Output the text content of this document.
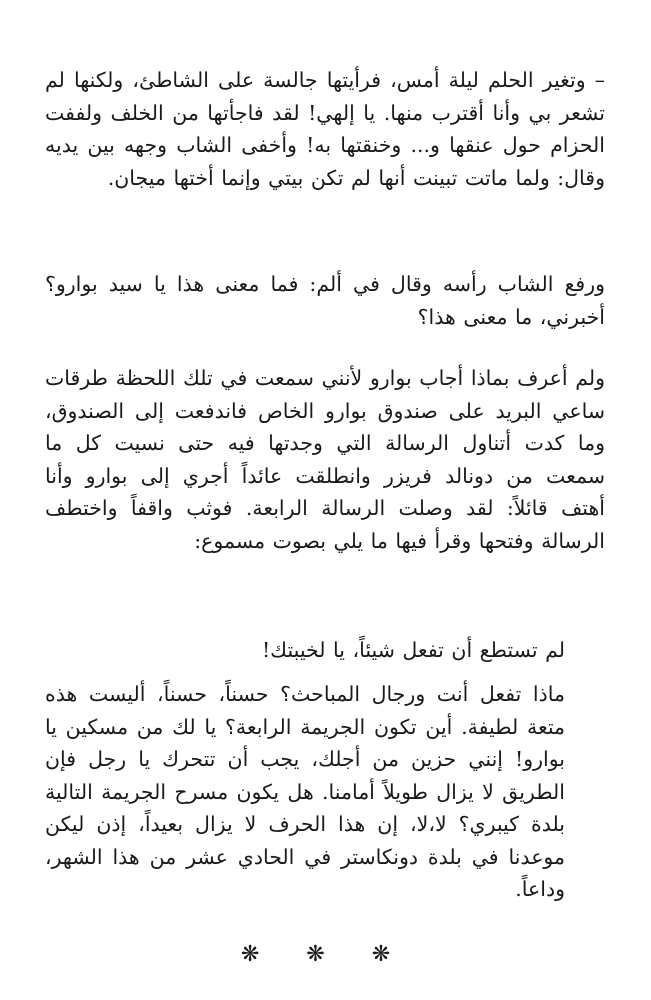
– وتغير الحلم ليلة أمس، فرأيتها جالسة على الشاطئ، ولكنها لم تشعر بي وأنا أقترب منها. يا إلهي! لقد فاجأتها من الخلف ولففت الحزام حول عنقها و... وخنقتها به! وأخفى الشاب وجهه بين يديه وقال: ولما ماتت تبينت أنها لم تكن بيتي وإنما أختها ميجان.

ورفع الشاب رأسه وقال في ألم: فما معنى هذا يا سيد بوارو؟ أخبرني، ما معنى هذا؟

ولم أعرف بماذا أجاب بوارو لأنني سمعت في تلك اللحظة طرقات ساعي البريد على صندوق بوارو الخاص فاندفعت إلى الصندوق، وما كدت أتناول الرسالة التي وجدتها فيه حتى نسيت كل ما سمعت من دونالد فريزر وانطلقت عائداً أجري إلى بوارو وأنا أهتف قائلاً: لقد وصلت الرسالة الرابعة. فوثب واقفاً واختطف الرسالة وفتحها وقرأ فيها ما يلي بصوت مسموع:

لم تستطع أن تفعل شيئاً، يا لخيبتك!

ماذا تفعل أنت ورجال المباحث؟ حسناً، حسناً، أليست هذه متعة لطيفة. أين تكون الجريمة الرابعة؟ يا لك من مسكين يا بوارو! إنني حزين من أجلك، يجب أن تتحرك يا رجل فإن الطريق لا يزال طويلاً أمامنا. هل يكون مسرح الجريمة التالية بلدة كيبري؟ لا،لا، إن هذا الحرف لا يزال بعيداً، إذن ليكن موعدنا في بلدة دونكاستر في الحادي عشر من هذا الشهر، وداعاً.

❋ ❋ ❋
